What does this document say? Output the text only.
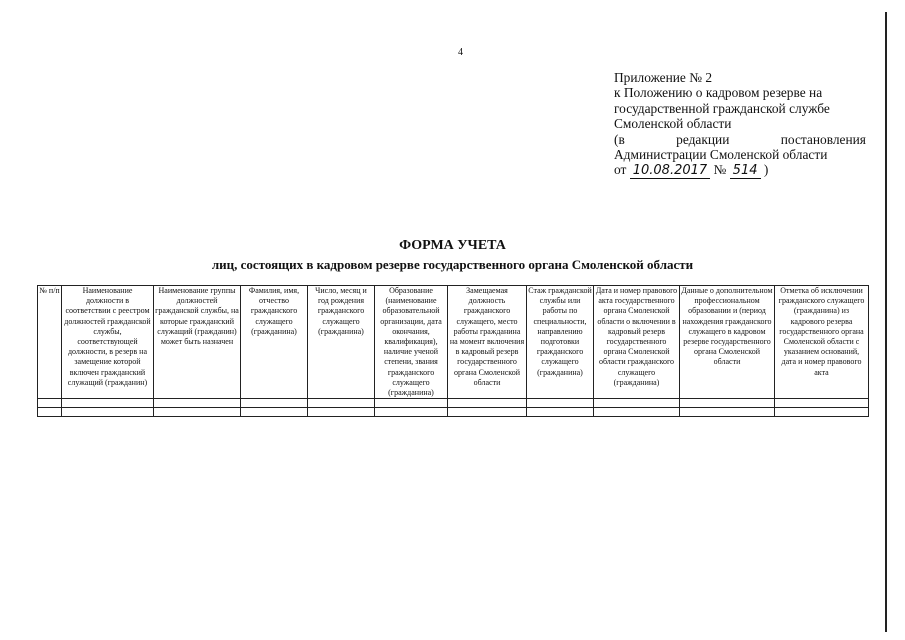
4
Приложение № 2
к Положению о кадровом резерве на
государственной гражданской службе
Смоленской области
(в	редакции	постановления
Администрации Смоленской области
от 10.08.2017 № 514 )
ФОРМА УЧЕТА
лиц, состоящих в кадровом резерве государственного органа Смоленской области
№ п/п	Наименование должности в соответствии с реестром должностей гражданской службы, соответствующей должности, в резерв на замещение которой включен гражданский служащий (гражданин)	Наименование группы должностей гражданской службы, на которые гражданский служащий (гражданин) может быть назначен	Фамилия, имя, отчество гражданского служащего (гражданина)	Число, месяц и год рождения гражданского служащего (гражданина)	Образование (наименование образовательной организации, дата окончания, квалификация), наличие ученой степени, звания гражданского служащего (гражданина)	Замещаемая должность гражданского служащего, место работы гражданина на момент включения в кадровый резерв государственного органа Смоленской области	Стаж гражданской службы или работы по специальности, направлению подготовки гражданского служащего (гражданина)	Дата и номер правового акта государственного органа Смоленской области о включении в кадровый резерв государственного органа Смоленской области гражданского служащего (гражданина)	Данные о дополнительном профессиональном образовании и (период нахождения гражданского служащего в кадровом резерве государственного органа Смоленской области	Отметка об исключении гражданского служащего (гражданина) из кадрового резерва государственного органа Смоленской области с указанием оснований, дата и номер правового акта
